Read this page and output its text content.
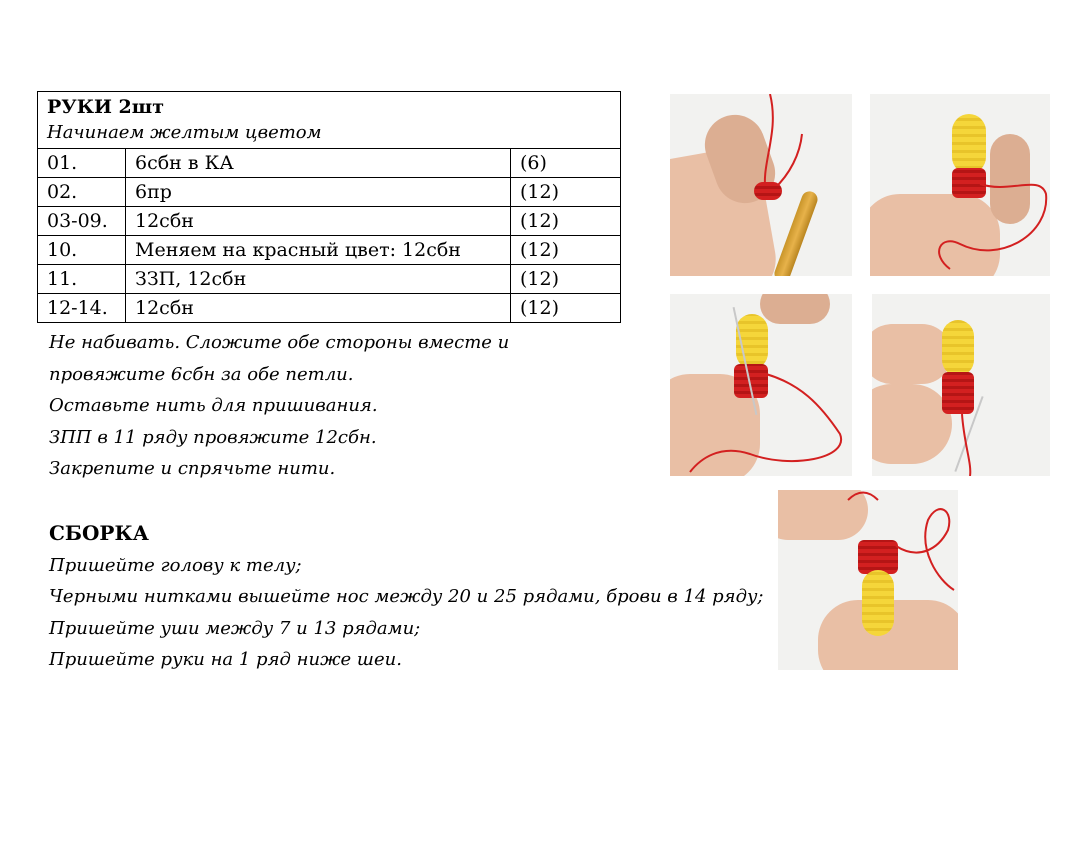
РУКИ 2шт
Начинаем желтым цветом		

01.	6сбн в КА	(6)
02.	6пр	(12)
03-09.	12сбн	(12)
10.	Меняем на красный цвет: 12сбн	(12)
11.	ЗЗП, 12сбн	(12)
12-14.	12сбн	(12)
Не набивать. Сложите обе стороны вместе и
провяжите 6сбн за обе петли.
Оставьте нить для пришивания.
ЗПП в 11 ряду провяжите 12сбн.
Закрепите и спрячьте нити.
СБОРКА
Пришейте голову к телу;
Черными нитками вышейте нос между 20 и 25 рядами, брови в 14 ряду;
Пришейте уши между 7 и 13 рядами;
Пришейте руки на 1 ряд ниже шеи.
